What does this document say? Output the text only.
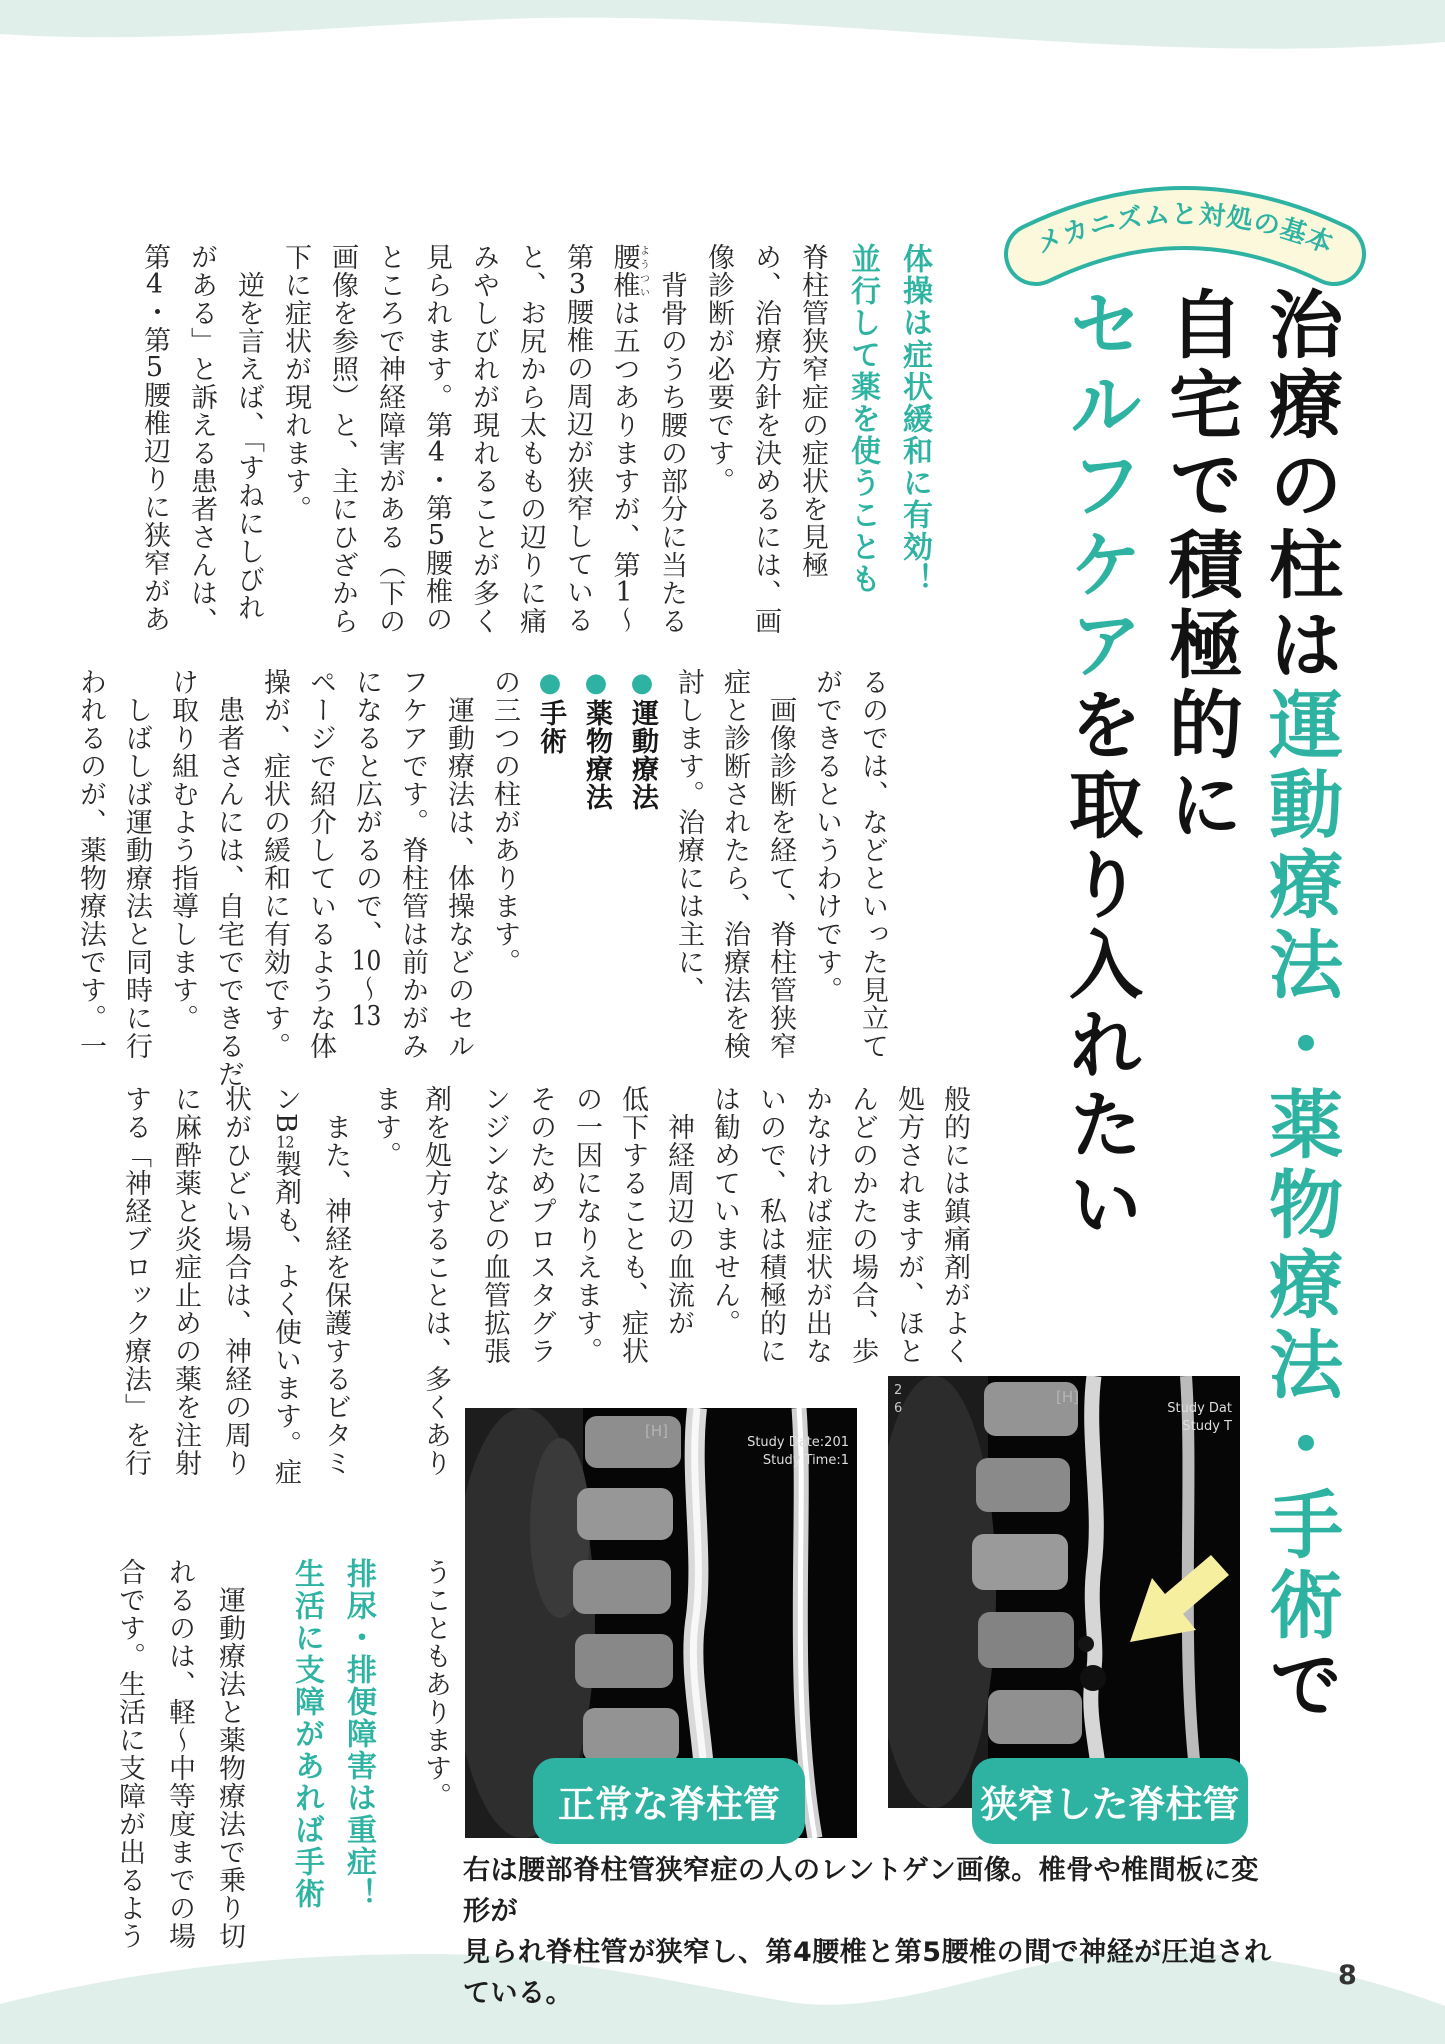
メカニズムと対処の基本
治療の柱は運動療法・薬物療法・手術で
自宅で積極的に
セルフケアを取り入れたい
体操は症状緩和に有効！
並行して薬を使うことも
脊柱管狭窄症の症状を見極
め、治療方針を決めるには、画
像診断が必要です。
　背骨のうち腰の部分に当たる
腰椎ようついは五つありますが、第1〜
第3腰椎の周辺が狭窄している
と、お尻から太ももの辺りに痛
みやしびれが現れることが多く
見られます。第4・第5腰椎の
ところで神経障害がある（下の
画像を参照）と、主にひざから
下に症状が現れます。
　逆を言えば、「すねにしびれ
がある」と訴える患者さんは、
第4・第5腰椎辺りに狭窄があ
るのでは、などといった見立て
ができるというわけです。
　画像診断を経て、脊柱管狭窄
症と診断されたら、治療法を検
討します。治療には主に、
●運動療法
●薬物療法
●手術
の三つの柱があります。
　運動療法は、体操などのセル
フケアです。脊柱管は前かがみ
になると広がるので、10〜13
ページで紹介しているような体
操が、症状の緩和に有効です。
　患者さんには、自宅でできるだ
け取り組むよう指導します。
　しばしば運動療法と同時に行
われるのが、薬物療法です。一
般的には鎮痛剤がよく
処方されますが、ほと
んどのかたの場合、歩
かなければ症状が出な
いので、私は積極的に
は勧めていません。
　神経周辺の血流が
低下することも、症状
の一因になりえます。
そのためプロスタグラ
ンジンなどの血管拡張
剤を処方することは、多くあり
ます。
　また、神経を保護するビタミ
ンB12製剤も、よく使います。症
状がひどい場合は、神経の周り
に麻酔薬と炎症止めの薬を注射
する「神経ブロック療法」を行
うこともあります。
排尿・排便障害は重症！
生活に支障があれば手術
　運動療法と薬物療法で乗り切
れるのは、軽〜中等度までの場
合です。生活に支障が出るよう
[H]
Study Date:201
Study Time:1
2
6
[H]
Study Dat
Study T
正常な脊柱管	狭窄した脊柱管
右は腰部脊柱管狭窄症の人のレントゲン画像。椎骨や椎間板に変形が
見られ脊柱管が狭窄し、第4腰椎と第5腰椎の間で神経が圧迫されている。
8
